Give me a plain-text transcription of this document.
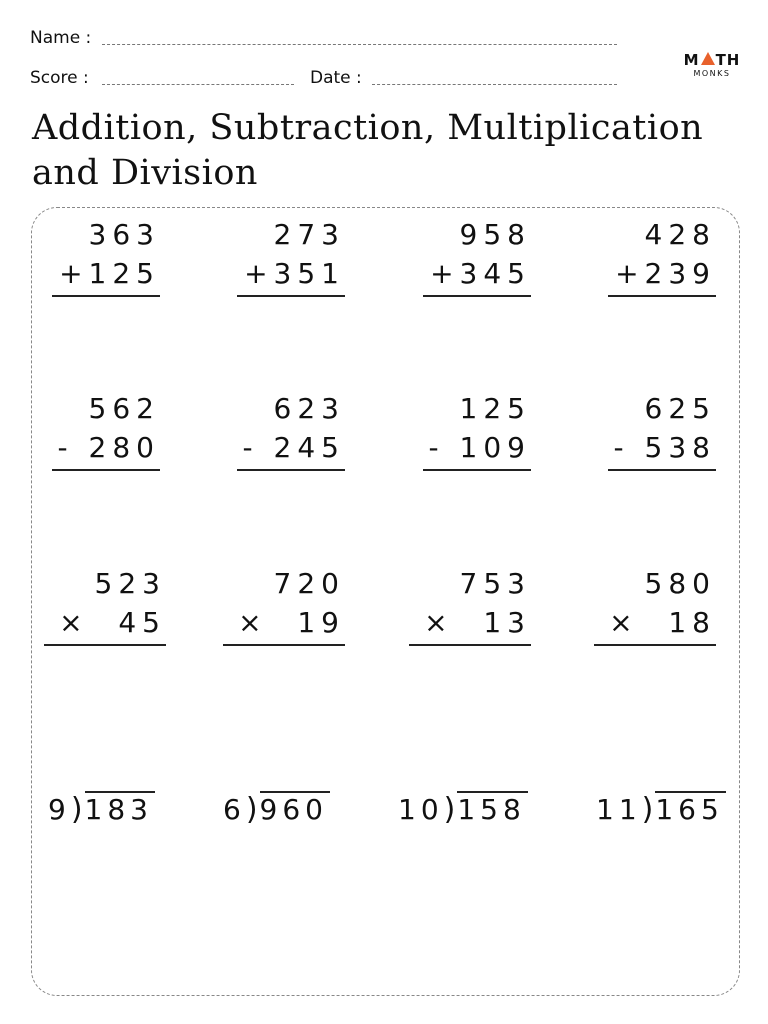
Name :
Score :	Date :
M TH
MONKS
Addition, Subtraction, Multiplication and Division
363
+125
273
+351
958
+345
428
+239
562
- 280
623
- 245
125
- 109
625
- 538
523
×  45
720
×  19
753
×  13
580
×  18
9)183	6)960	10)158	11)165
